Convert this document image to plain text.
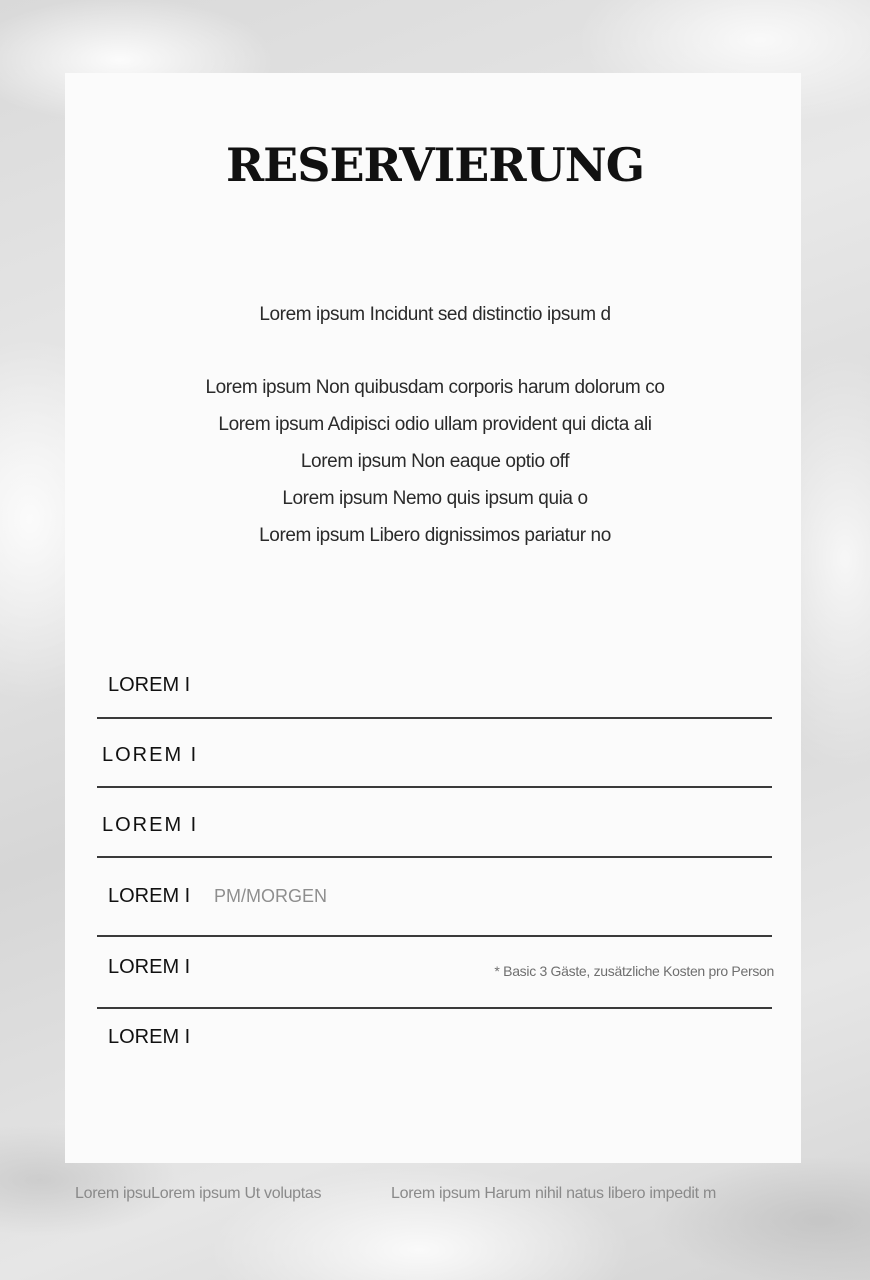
RESERVIERUNG
Lorem ipsum Incidunt sed distinctio ipsum d
Lorem ipsum Non quibusdam corporis harum dolorum co
Lorem ipsum Adipisci odio ullam provident qui dicta ali
Lorem ipsum Non eaque optio off
Lorem ipsum Nemo quis ipsum quia o
Lorem ipsum Libero dignissimos pariatur no
LOREM I
LOREM I
LOREM I
LOREM I PM/MORGEN
LOREM I	* Basic 3 Gäste, zusätzliche Kosten pro Person
LOREM I
Lorem ipsuLorem ipsum Ut voluptas	Lorem ipsum Harum nihil natus libero impedit m
